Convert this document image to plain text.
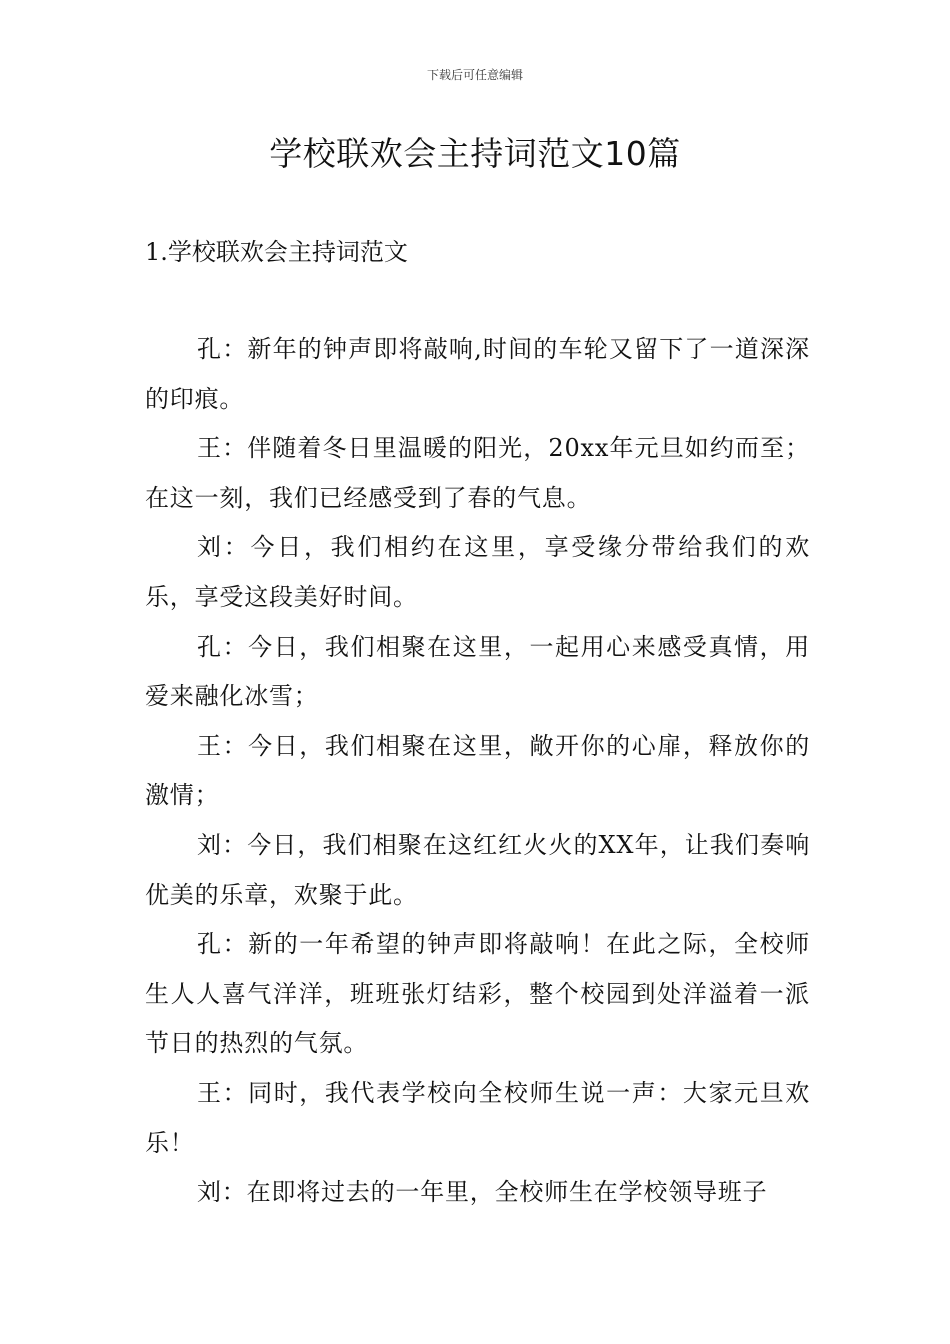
下载后可任意编辑
学校联欢会主持词范文10篇
1.学校联欢会主持词范文

孔：新年的钟声即将敲响,时间的车轮又留下了一道深深的印痕。

王：伴随着冬日里温暖的阳光，20xx年元旦如约而至；在这一刻，我们已经感受到了春的气息。

刘：今日，我们相约在这里，享受缘分带给我们的欢乐，享受这段美好时间。

孔：今日，我们相聚在这里，一起用心来感受真情，用爱来融化冰雪；

王：今日，我们相聚在这里，敞开你的心扉，释放你的激情；

刘：今日，我们相聚在这红红火火的XX年，让我们奏响优美的乐章，欢聚于此。

孔：新的一年希望的钟声即将敲响！在此之际，全校师生人人喜气洋洋，班班张灯结彩，整个校园到处洋溢着一派节日的热烈的气氛。

王：同时，我代表学校向全校师生说一声：大家元旦欢乐！

刘：在即将过去的一年里，全校师生在学校领导班子
